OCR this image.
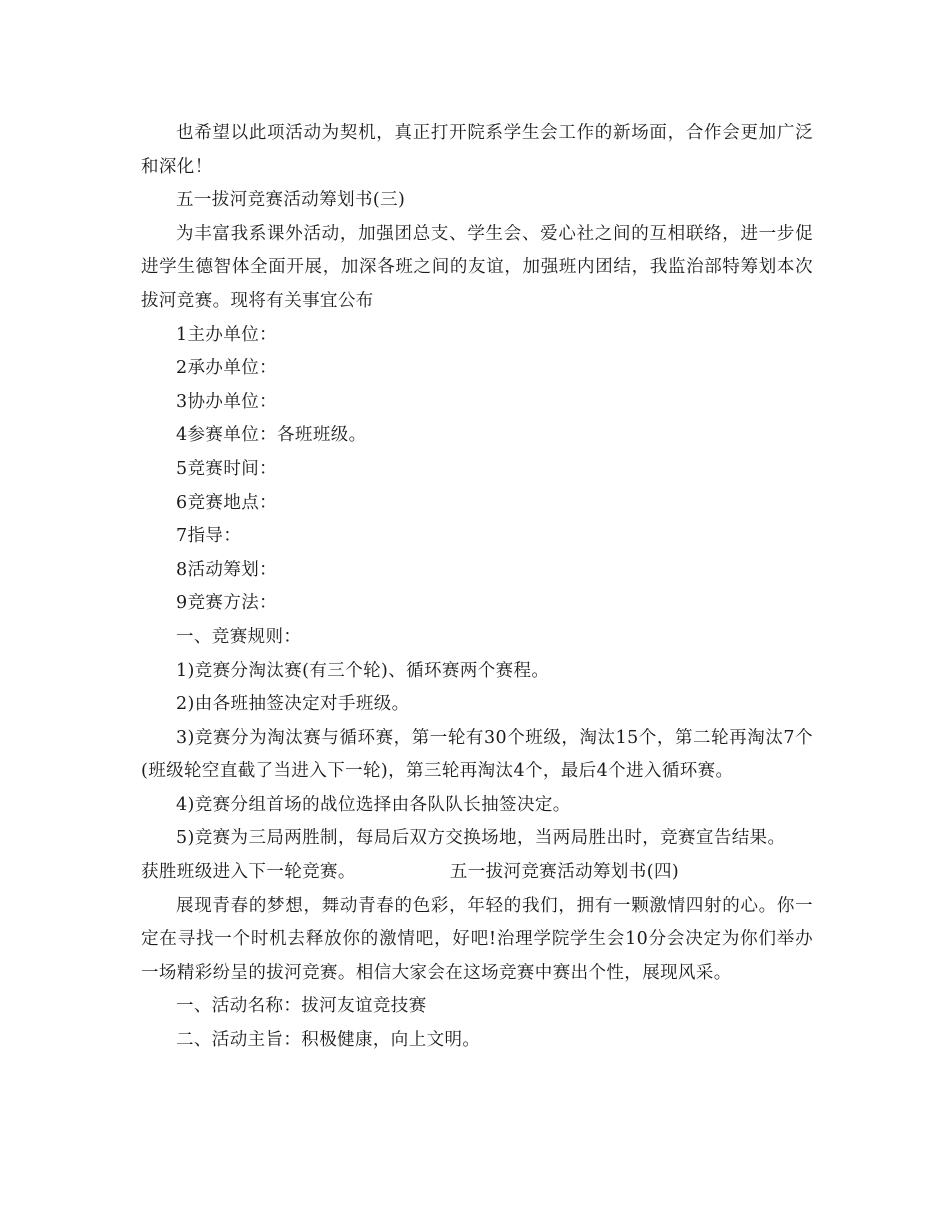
也希望以此项活动为契机，真正打开院系学生会工作的新场面，合作会更加广泛和深化！

五一拔河竞赛活动筹划书(三)

为丰富我系课外活动，加强团总支、学生会、爱心社之间的互相联络，进一步促进学生德智体全面开展，加深各班之间的友谊，加强班内团结，我监治部特筹划本次拔河竞赛。现将有关事宜公布

1主办单位：

2承办单位：

3协办单位：

4参赛单位：各班班级。

5竞赛时间：

6竞赛地点：

7指导：

8活动筹划：

9竞赛方法：

一、竞赛规则：

1)竞赛分淘汰赛(有三个轮)、循环赛两个赛程。

2)由各班抽签决定对手班级。

3)竞赛分为淘汰赛与循环赛，第一轮有30个班级，淘汰15个，第二轮再淘汰7个(班级轮空直截了当进入下一轮)，第三轮再淘汰4个，最后4个进入循环赛。

4)竞赛分组首场的战位选择由各队队长抽签决定。

5)竞赛为三局两胜制，每局后双方交换场地，当两局胜出时，竞赛宣告结果。

获胜班级进入下一轮竞赛。	五一拔河竞赛活动筹划书(四)

展现青春的梦想，舞动青春的色彩，年轻的我们，拥有一颗激情四射的心。你一定在寻找一个时机去释放你的激情吧，好吧!治理学院学生会10分会决定为你们举办一场精彩纷呈的拔河竞赛。相信大家会在这场竞赛中赛出个性，展现风采。

一、活动名称：拔河友谊竞技赛

二、活动主旨：积极健康，向上文明。
